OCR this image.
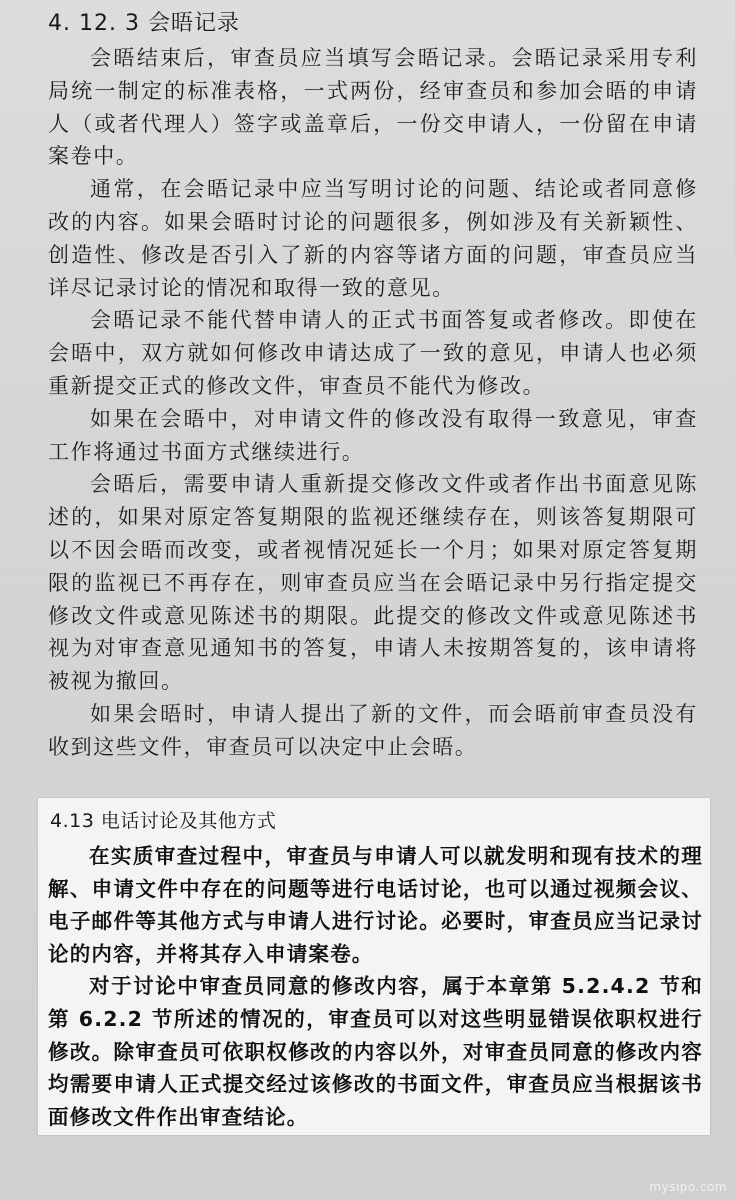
4. 12. 3 会晤记录

会晤结束后，审查员应当填写会晤记录。会晤记录采用专利局统一制定的标准表格，一式两份，经审查员和参加会晤的申请人（或者代理人）签字或盖章后，一份交申请人，一份留在申请案卷中。

通常，在会晤记录中应当写明讨论的问题、结论或者同意修改的内容。如果会晤时讨论的问题很多，例如涉及有关新颖性、创造性、修改是否引入了新的内容等诸方面的问题，审查员应当详尽记录讨论的情况和取得一致的意见。

会晤记录不能代替申请人的正式书面答复或者修改。即使在会晤中，双方就如何修改申请达成了一致的意见，申请人也必须重新提交正式的修改文件，审查员不能代为修改。

如果在会晤中，对申请文件的修改没有取得一致意见，审查工作将通过书面方式继续进行。

会晤后，需要申请人重新提交修改文件或者作出书面意见陈述的，如果对原定答复期限的监视还继续存在，则该答复期限可以不因会晤而改变，或者视情况延长一个月；如果对原定答复期限的监视已不再存在，则审查员应当在会晤记录中另行指定提交修改文件或意见陈述书的期限。此提交的修改文件或意见陈述书视为对审查意见通知书的答复，申请人未按期答复的，该申请将被视为撤回。

如果会晤时，申请人提出了新的文件，而会晤前审查员没有收到这些文件，审查员可以决定中止会晤。

4.13 电话讨论及其他方式

在实质审查过程中，审查员与申请人可以就发明和现有技术的理解、申请文件中存在的问题等进行电话讨论，也可以通过视频会议、电子邮件等其他方式与申请人进行讨论。必要时，审查员应当记录讨论的内容，并将其存入申请案卷。

对于讨论中审查员同意的修改内容，属于本章第 5.2.4.2 节和第 6.2.2 节所述的情况的，审查员可以对这些明显错误依职权进行修改。除审查员可依职权修改的内容以外，对审查员同意的修改内容均需要申请人正式提交经过该修改的书面文件，审查员应当根据该书面修改文件作出审查结论。

mysipo.com
